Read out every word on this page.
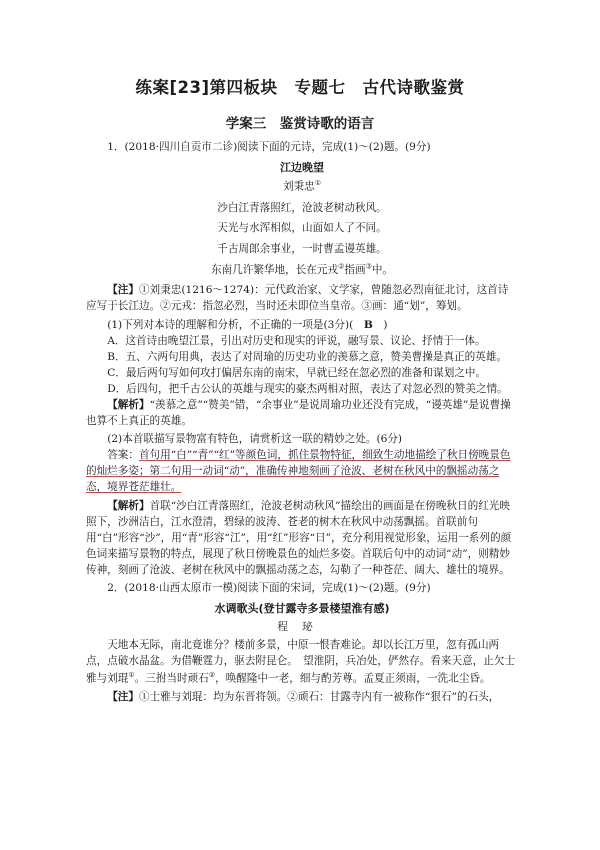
练案[23]第四板块　专题七　古代诗歌鉴赏
学案三　鉴赏诗歌的语言

1．(2018·四川自贡市二诊)阅读下面的元诗，完成(1)～(2)题。(9分)

江边晚望
刘秉忠①
沙白江青落照红，沧波老树动秋风。
天光与水浑相似，山面如人了不同。
千古周郎余事业，一时曹孟谩英雄。
东南几许繁华地，长在元戎②指画③中。

【注】①刘秉忠(1216～1274)：元代政治家、文学家，曾随忽必烈南征北讨，这首诗应写于长江边。②元戎：指忽必烈，当时还未即位当皇帝。③画：通“划”，筹划。

(1)下列对本诗的理解和分析，不正确的一项是(3分)(  B  )

A．这首诗由晚望江景，引出对历史和现实的评说，融写景、议论、抒情于一体。

B．五、六两句用典，表达了对周瑜的历史功业的羡慕之意，赞美曹操是真正的英雄。

C．最后两句写如何攻打偏居东南的南宋，早就已经在忽必烈的准备和谋划之中。

D．后四句，把千古公认的英雄与现实的豪杰两相对照，表达了对忽必烈的赞美之情。

【解析】“羡慕之意”“赞美”错，“余事业”是说周瑜功业还没有完成，“谩英雄”是说曹操也算不上真正的英雄。

(2)本首联描写景物富有特色，请赏析这一联的精妙之处。(6分)

答案：首句用“白”“青”“红”等颜色词，抓住景物特征，细致生动地描绘了秋日傍晚景色的灿烂多姿；第二句用一动词“动”，准确传神地刻画了沧波、老树在秋风中的飘摇动荡之态，境界苍茫雄壮。

【解析】首联“沙白江青落照红，沧波老树动秋风”描绘出的画面是在傍晚秋日的红光映照下，沙洲洁白，江水澄清，碧绿的波涛、苍老的树木在秋风中动荡飘摇。首联前句用“白”形容“沙”，用“青”形容“江”，用“红”形容“日”，充分利用视觉形象，运用一系列的颜色词来描写景物的特点，展现了秋日傍晚景色的灿烂多姿。首联后句中的动词“动”，则精妙传神，刻画了沧波、老树在秋风中的飘摇动荡之态，勾勒了一种苍茫、阔大、雄壮的境界。

2．(2018·山西太原市一模)阅读下面的宋词，完成(1)～(2)题。(9分)

水调歌头(登甘露寺多景楼望淮有感)
程珌

天地本无际，南北竟谁分？楼前多景，中原一恨杳难论。却以长江万里，忽有孤山两点，点破水晶盆。为借鞭霆力，驱去附昆仑。　望淮阴，兵冶处，俨然存。看来天意，止欠士雅与刘琨①。三拊当时顽石②，唤醒隆中一老，细与酌芳尊。孟夏正须雨，一洗北尘昏。

【注】①士雅与刘琨：均为东晋将领。②顽石：甘露寺内有一被称作“狠石”的石头，
